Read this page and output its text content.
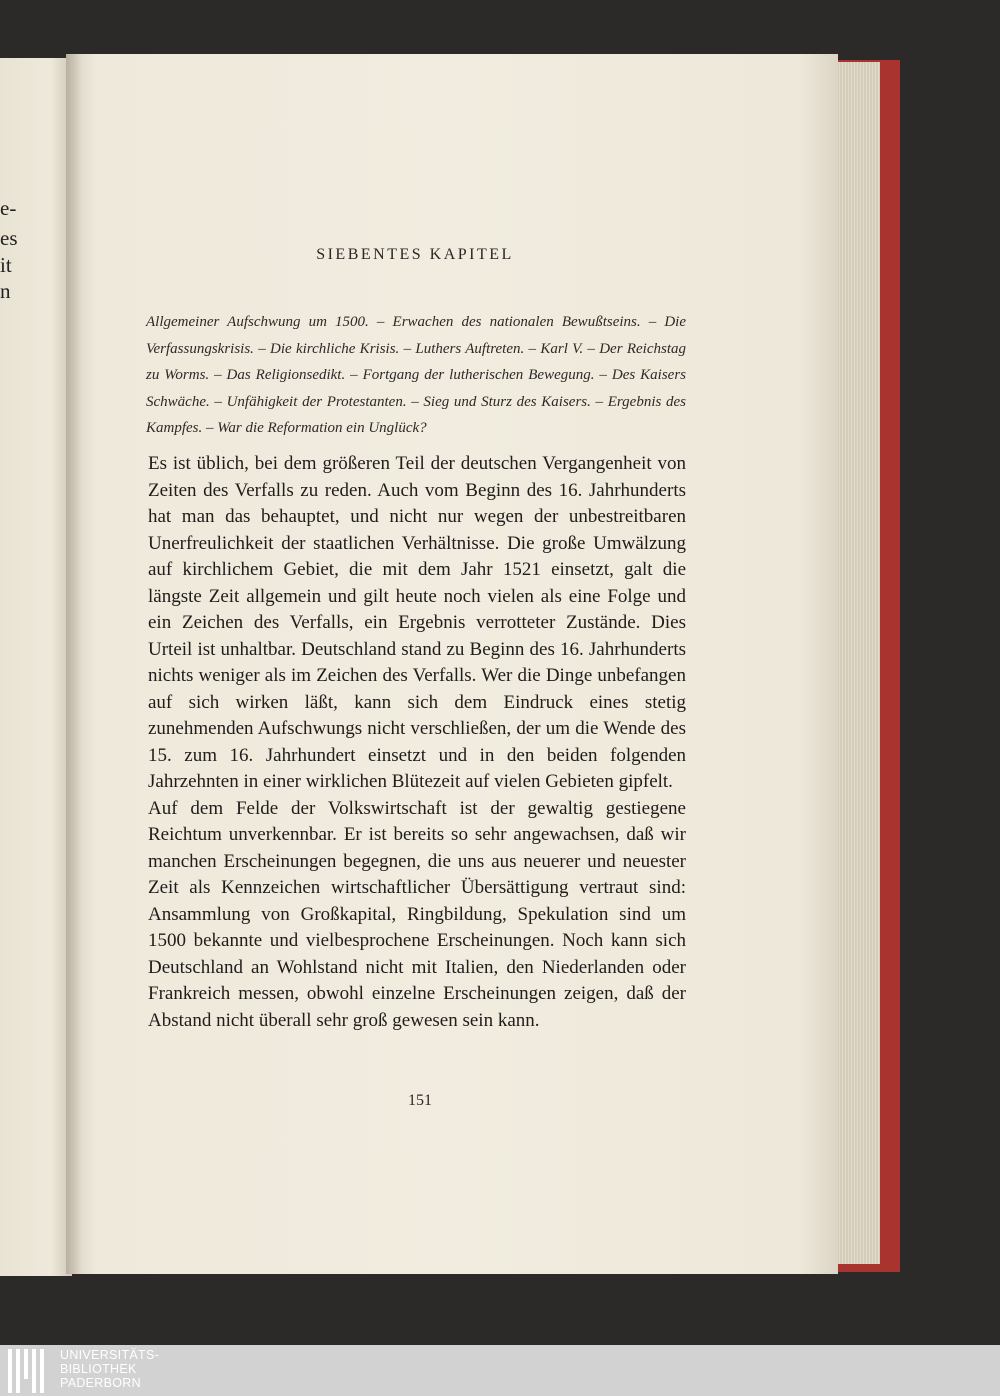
e-
es
it
n
SIEBENTES KAPITEL
Allgemeiner Aufschwung um 1500. – Erwachen des nationalen Bewußtseins. – Die Verfassungskrisis. – Die kirchliche Krisis. – Luthers Auftreten. – Karl V. – Der Reichstag zu Worms. – Das Religionsedikt. – Fortgang der lutherischen Bewegung. – Des Kaisers Schwäche. – Unfähigkeit der Protestanten. – Sieg und Sturz des Kaisers. – Ergebnis des Kampfes. – War die Reformation ein Unglück?

Es ist üblich, bei dem größeren Teil der deutschen Vergangenheit von Zeiten des Verfalls zu reden. Auch vom Beginn des 16. Jahrhunderts hat man das behauptet, und nicht nur wegen der unbestreitbaren Unerfreulichkeit der staatlichen Verhältnisse. Die große Umwälzung auf kirchlichem Gebiet, die mit dem Jahr 1521 einsetzt, galt die längste Zeit allgemein und gilt heute noch vielen als eine Folge und ein Zeichen des Verfalls, ein Ergebnis verrotteter Zustände. Dies Urteil ist unhaltbar. Deutschland stand zu Beginn des 16. Jahrhunderts nichts weniger als im Zeichen des Verfalls. Wer die Dinge unbefangen auf sich wirken läßt, kann sich dem Eindruck eines stetig zunehmenden Aufschwungs nicht verschließen, der um die Wende des 15. zum 16. Jahrhundert einsetzt und in den beiden folgenden Jahrzehnten in einer wirklichen Blütezeit auf vielen Gebieten gipfelt.

Auf dem Felde der Volkswirtschaft ist der gewaltig gestiegene Reichtum unverkennbar. Er ist bereits so sehr angewachsen, daß wir manchen Erscheinungen begegnen, die uns aus neuerer und neuester Zeit als Kennzeichen wirtschaftlicher Übersättigung vertraut sind: Ansammlung von Großkapital, Ringbildung, Spekulation sind um 1500 bekannte und vielbesprochene Erscheinungen. Noch kann sich Deutschland an Wohlstand nicht mit Italien, den Niederlanden oder Frankreich messen, obwohl einzelne Erscheinungen zeigen, daß der Abstand nicht überall sehr groß gewesen sein kann.

151
UNIVERSITÄTS-
BIBLIOTHEK
PADERBORN
